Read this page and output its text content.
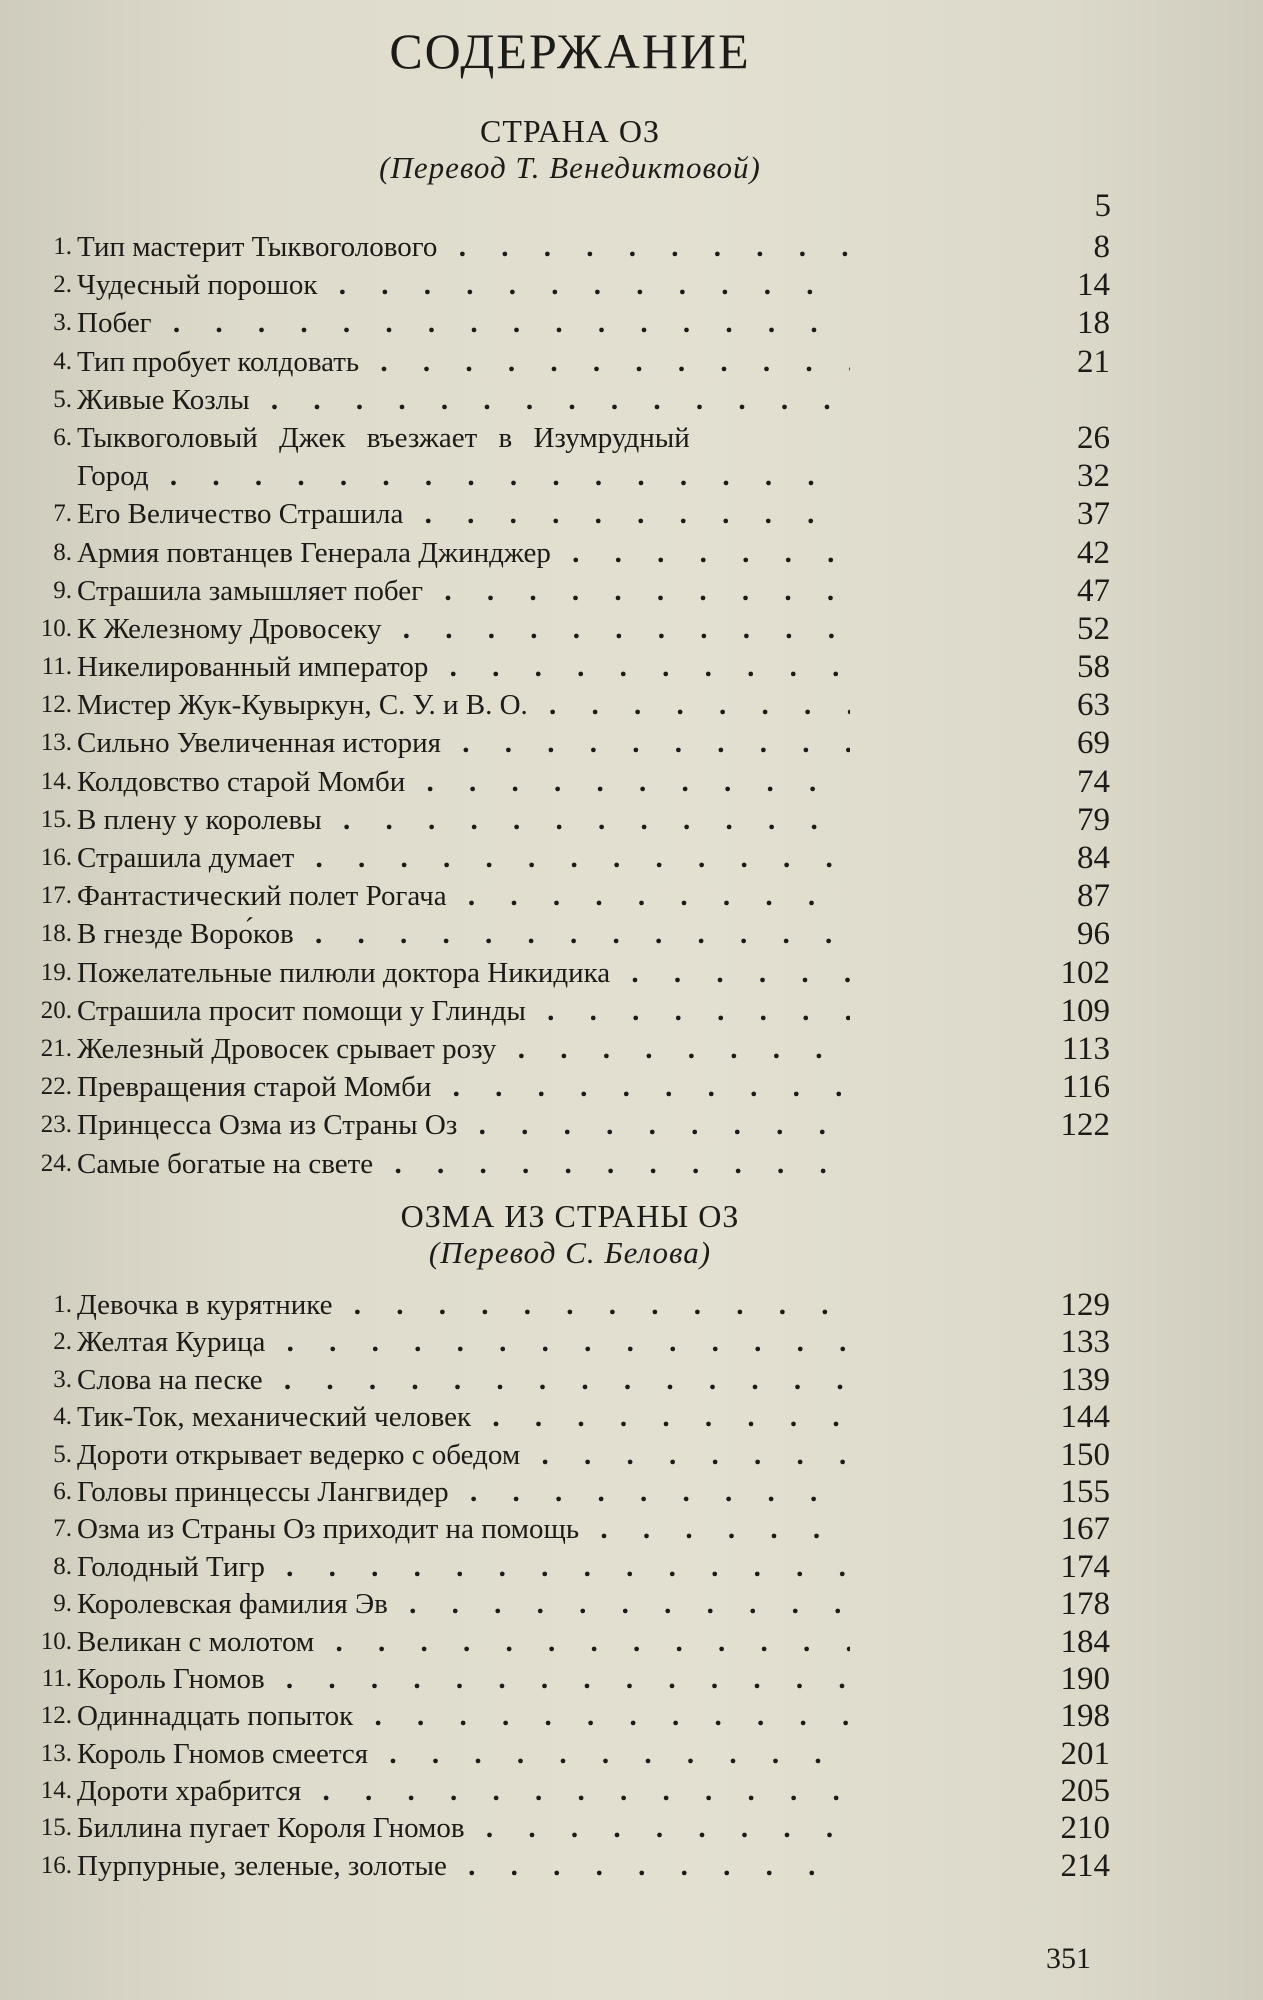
СОДЕРЖАНИЕ
СТРАНА ОЗ
(Перевод Т. Венедиктовой)
5
1. Тип мастерит Тыквоголового . . .	8
2. Чудесный порошок . . .	14
3. Побег . . .	18
4. Тип пробует колдовать . . .	21
5. Живые Козлы . . .
6. Тыквоголовый Джек въезжает в Изумрудный	26
Город . . .	32
7. Его Величество Страшила . . .	37
8. Армия повтанцев Генерала Джинджер . . .	42
9. Страшила замышляет побег . . .	47
10. К Железному Дровосеку . . .	52
11. Никелированный император . . .	58
12. Мистер Жук-Кувыркун, С. У. и В. О. . . .	63
13. Сильно Увеличенная история . . .	69
14. Колдовство старой Момби . . .	74
15. В плену у королевы . . .	79
16. Страшила думает . . .	84
17. Фантастический полет Рогача . . .	87
18. В гнезде Воро́ков . . .	96
19. Пожелательные пилюли доктора Никидика . . .	102
20. Страшила просит помощи у Глинды . . .	109
21. Железный Дровосек срывает розу . . .	113
22. Превращения старой Момби . . .	116
23. Принцесса Озма из Страны Оз . . .	122
24. Самые богатые на свете . . .
ОЗМА ИЗ СТРАНЫ ОЗ
(Перевод С. Белова)
1. Девочка в курятнике . . .	129
2. Желтая Курица . . .	133
3. Слова на песке . . .	139
4. Тик-Ток, механический человек . . .	144
5. Дороти открывает ведерко с обедом . . .	150
6. Головы принцессы Лангвидер . . .	155
7. Озма из Страны Оз приходит на помощь . . .	167
8. Голодный Тигр . . .	174
9. Королевская фамилия Эв . . .	178
10. Великан с молотом . . .	184
11. Король Гномов . . .	190
12. Одиннадцать попыток . . .	198
13. Король Гномов смеется . . .	201
14. Дороти храбрится . . .	205
15. Биллина пугает Короля Гномов . . .	210
16. Пурпурные, зеленые, золотые . . .	214
351
